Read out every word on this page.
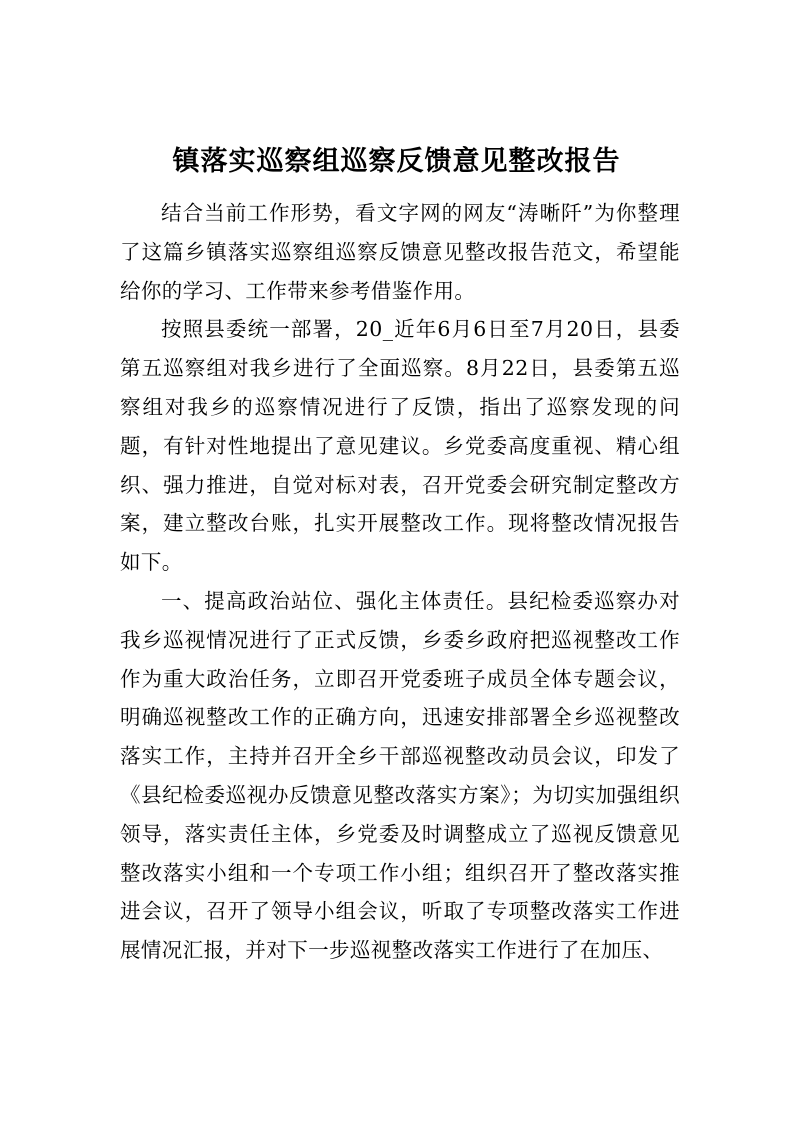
镇落实巡察组巡察反馈意见整改报告

结合当前工作形势，看文字网的网友“涛晰阡”为你整理了这篇乡镇落实巡察组巡察反馈意见整改报告范文，希望能给你的学习、工作带来参考借鉴作用。

按照县委统一部署，20_近年6月6日至7月20日，县委第五巡察组对我乡进行了全面巡察。8月22日，县委第五巡察组对我乡的巡察情况进行了反馈，指出了巡察发现的问题，有针对性地提出了意见建议。乡党委高度重视、精心组织、强力推进，自觉对标对表，召开党委会研究制定整改方案，建立整改台账，扎实开展整改工作。现将整改情况报告如下。

一、提高政治站位、强化主体责任。县纪检委巡察办对我乡巡视情况进行了正式反馈，乡委乡政府把巡视整改工作作为重大政治任务，立即召开党委班子成员全体专题会议，明确巡视整改工作的正确方向，迅速安排部署全乡巡视整改落实工作，主持并召开全乡干部巡视整改动员会议，印发了《县纪检委巡视办反馈意见整改落实方案》；为切实加强组织领导，落实责任主体，乡党委及时调整成立了巡视反馈意见整改落实小组和一个专项工作小组；组织召开了整改落实推进会议，召开了领导小组会议，听取了专项整改落实工作进展情况汇报，并对下一步巡视整改落实工作进行了在加压、
